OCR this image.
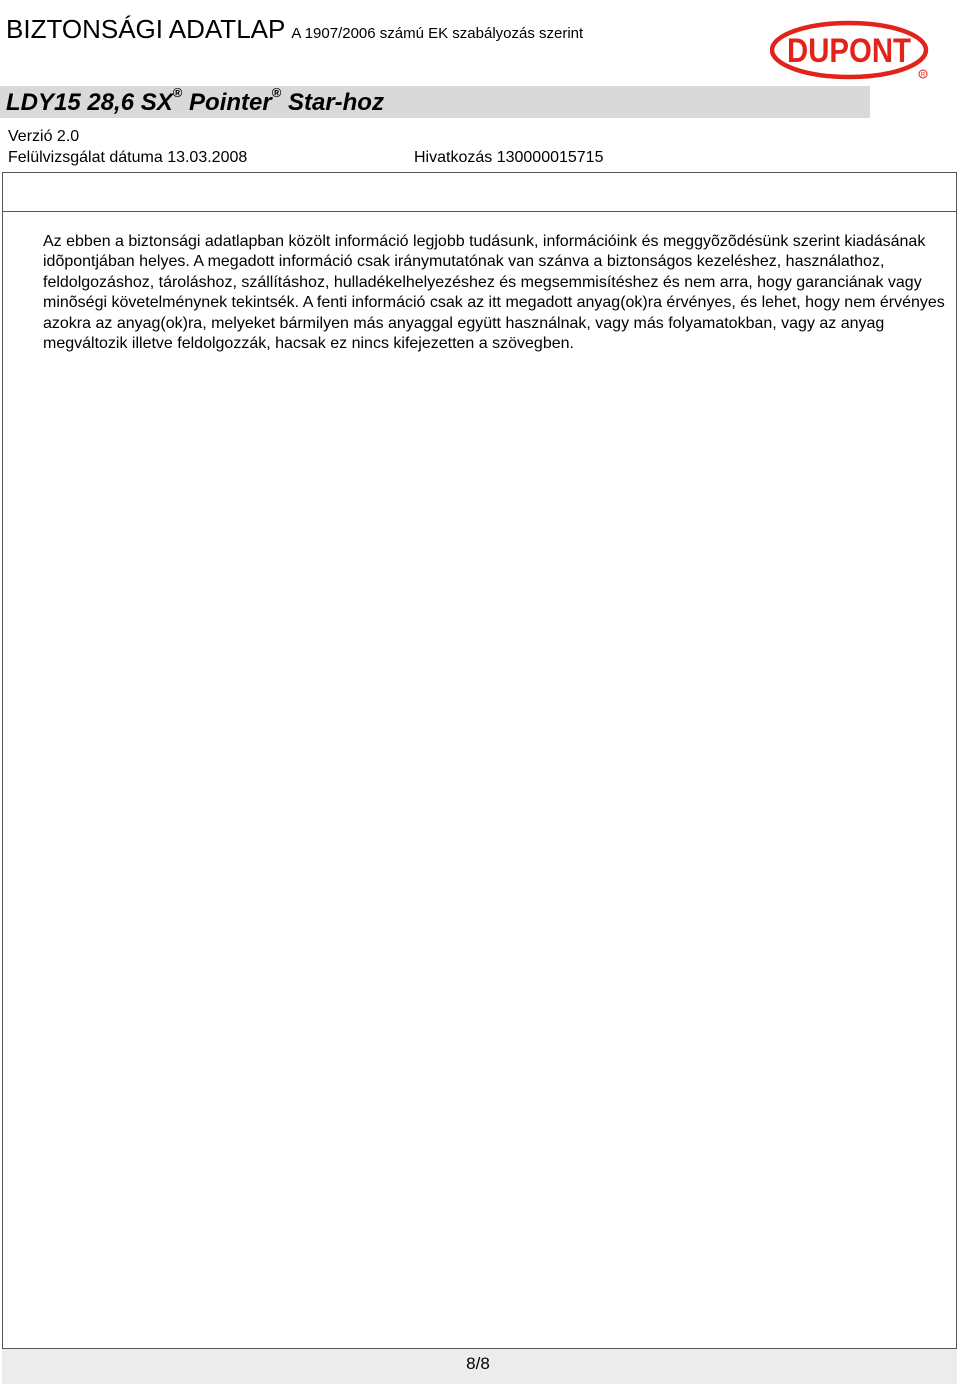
BIZTONSÁGI ADATLAP A 1907/2006 számú EK szabályozás szerint	DUPONT
R
LDY15 28,6 SX® Pointer® Star-hoz
Verzió 2.0
Felülvizsgálat dátuma 13.03.2008	Hivatkozás 130000015715
Az ebben a biztonsági adatlapban közölt információ legjobb tudásunk, információink és meggyõzõdésünk szerint kiadásának idõpontjában helyes. A megadott információ csak iránymutatónak van szánva a biztonságos kezeléshez, használathoz, feldolgozáshoz, tároláshoz, szállításhoz, hulladékelhelyezéshez és megsemmisítéshez és nem arra, hogy garanciának vagy minõségi követelménynek tekintsék. A fenti információ csak az itt megadott anyag(ok)ra érvényes, és lehet, hogy nem érvényes azokra az anyag(ok)ra, melyeket bármilyen más anyaggal együtt használnak, vagy más folyamatokban, vagy az anyag megváltozik illetve feldolgozzák, hacsak ez nincs kifejezetten a szövegben.
8/8
